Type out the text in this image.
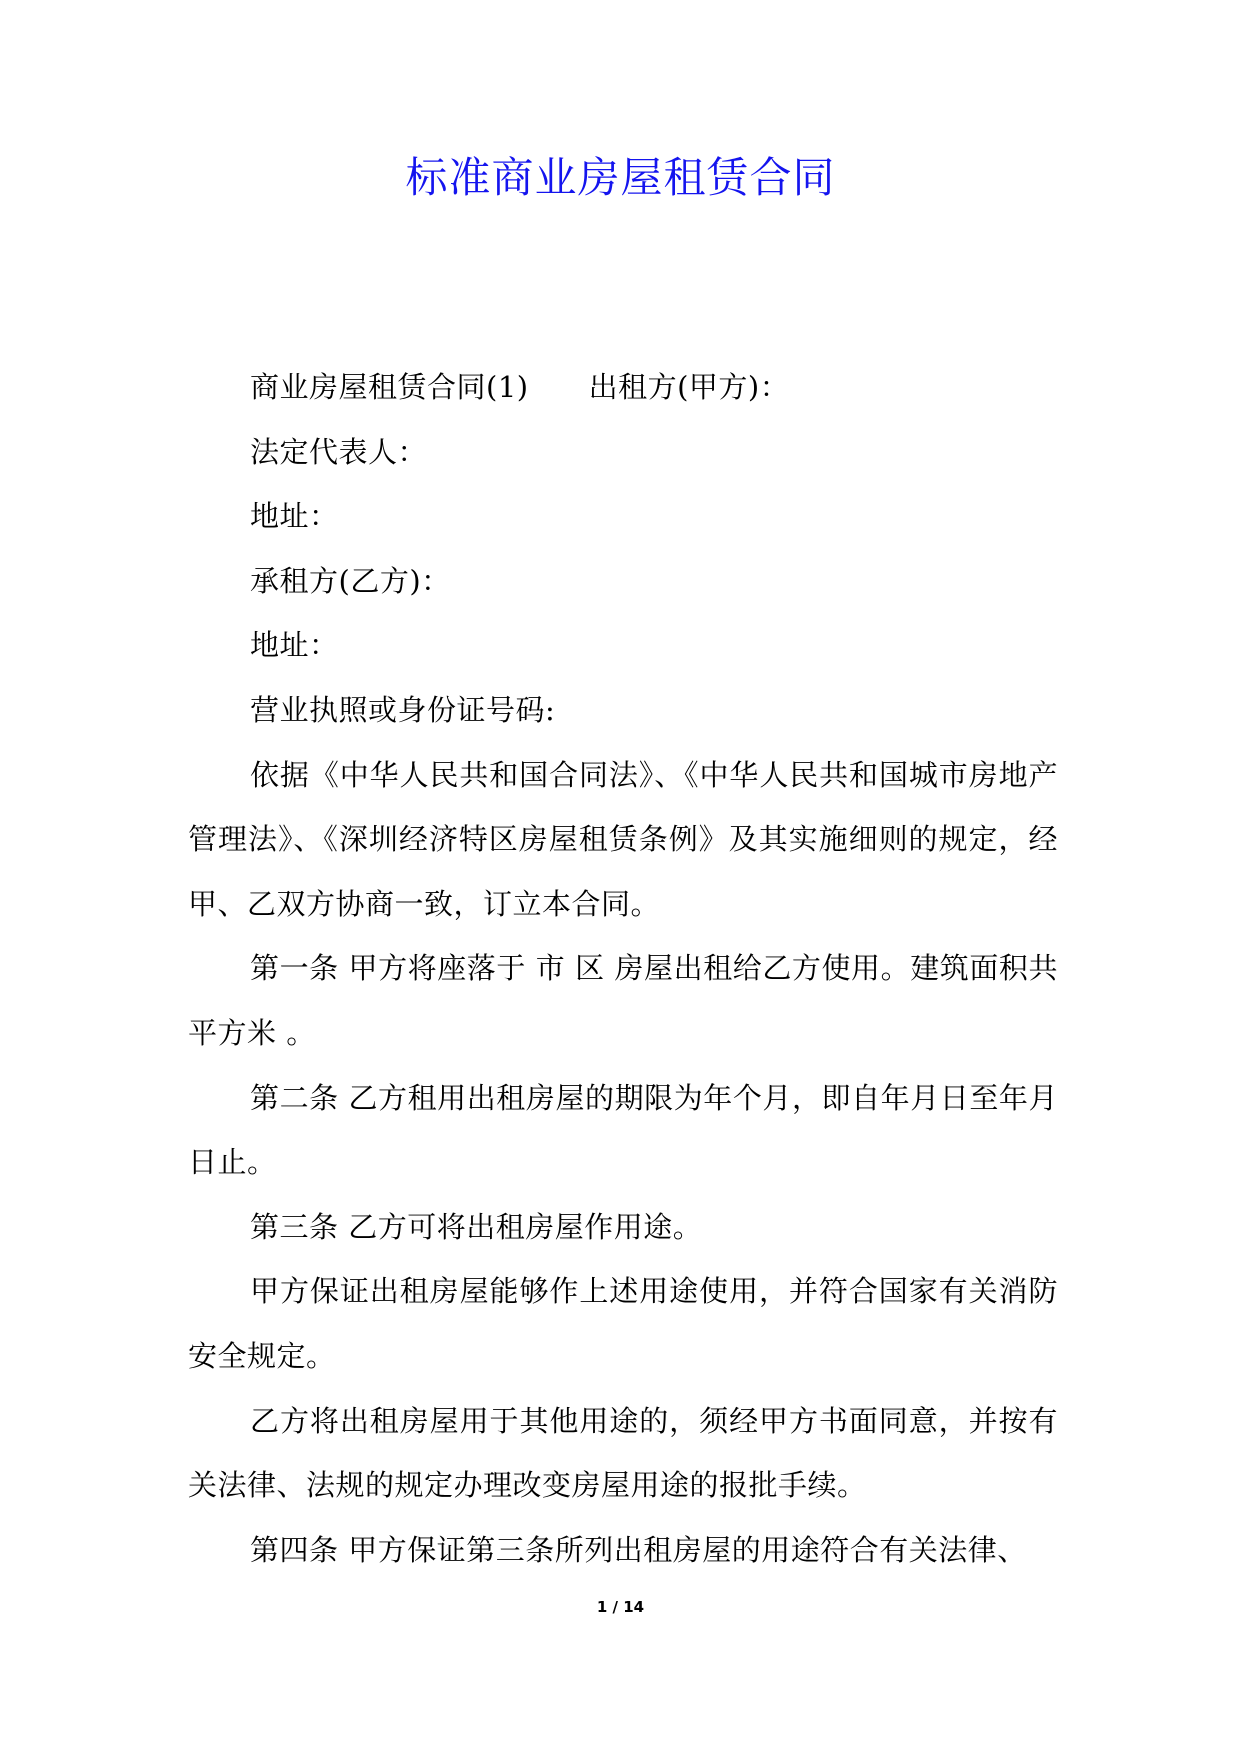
标准商业房屋租赁合同

商业房屋租赁合同(1) 出租方(甲方)：

法定代表人：

地址：

承租方(乙方)：

地址：

营业执照或身份证号码:

依据《中华人民共和国合同法》、《中华人民共和国城市房地产管理法》、《深圳经济特区房屋租赁条例》及其实施细则的规定，经甲、乙双方协商一致，订立本合同。

第一条 甲方将座落于 市 区 房屋出租给乙方使用。建筑面积共平方米 。

第二条 乙方租用出租房屋的期限为年个月，即自年月日至年月日止。

第三条 乙方可将出租房屋作用途。

甲方保证出租房屋能够作上述用途使用，并符合国家有关消防安全规定。

乙方将出租房屋用于其他用途的，须经甲方书面同意，并按有关法律、法规的规定办理改变房屋用途的报批手续。

第四条 甲方保证第三条所列出租房屋的用途符合有关法律、

1 / 14
